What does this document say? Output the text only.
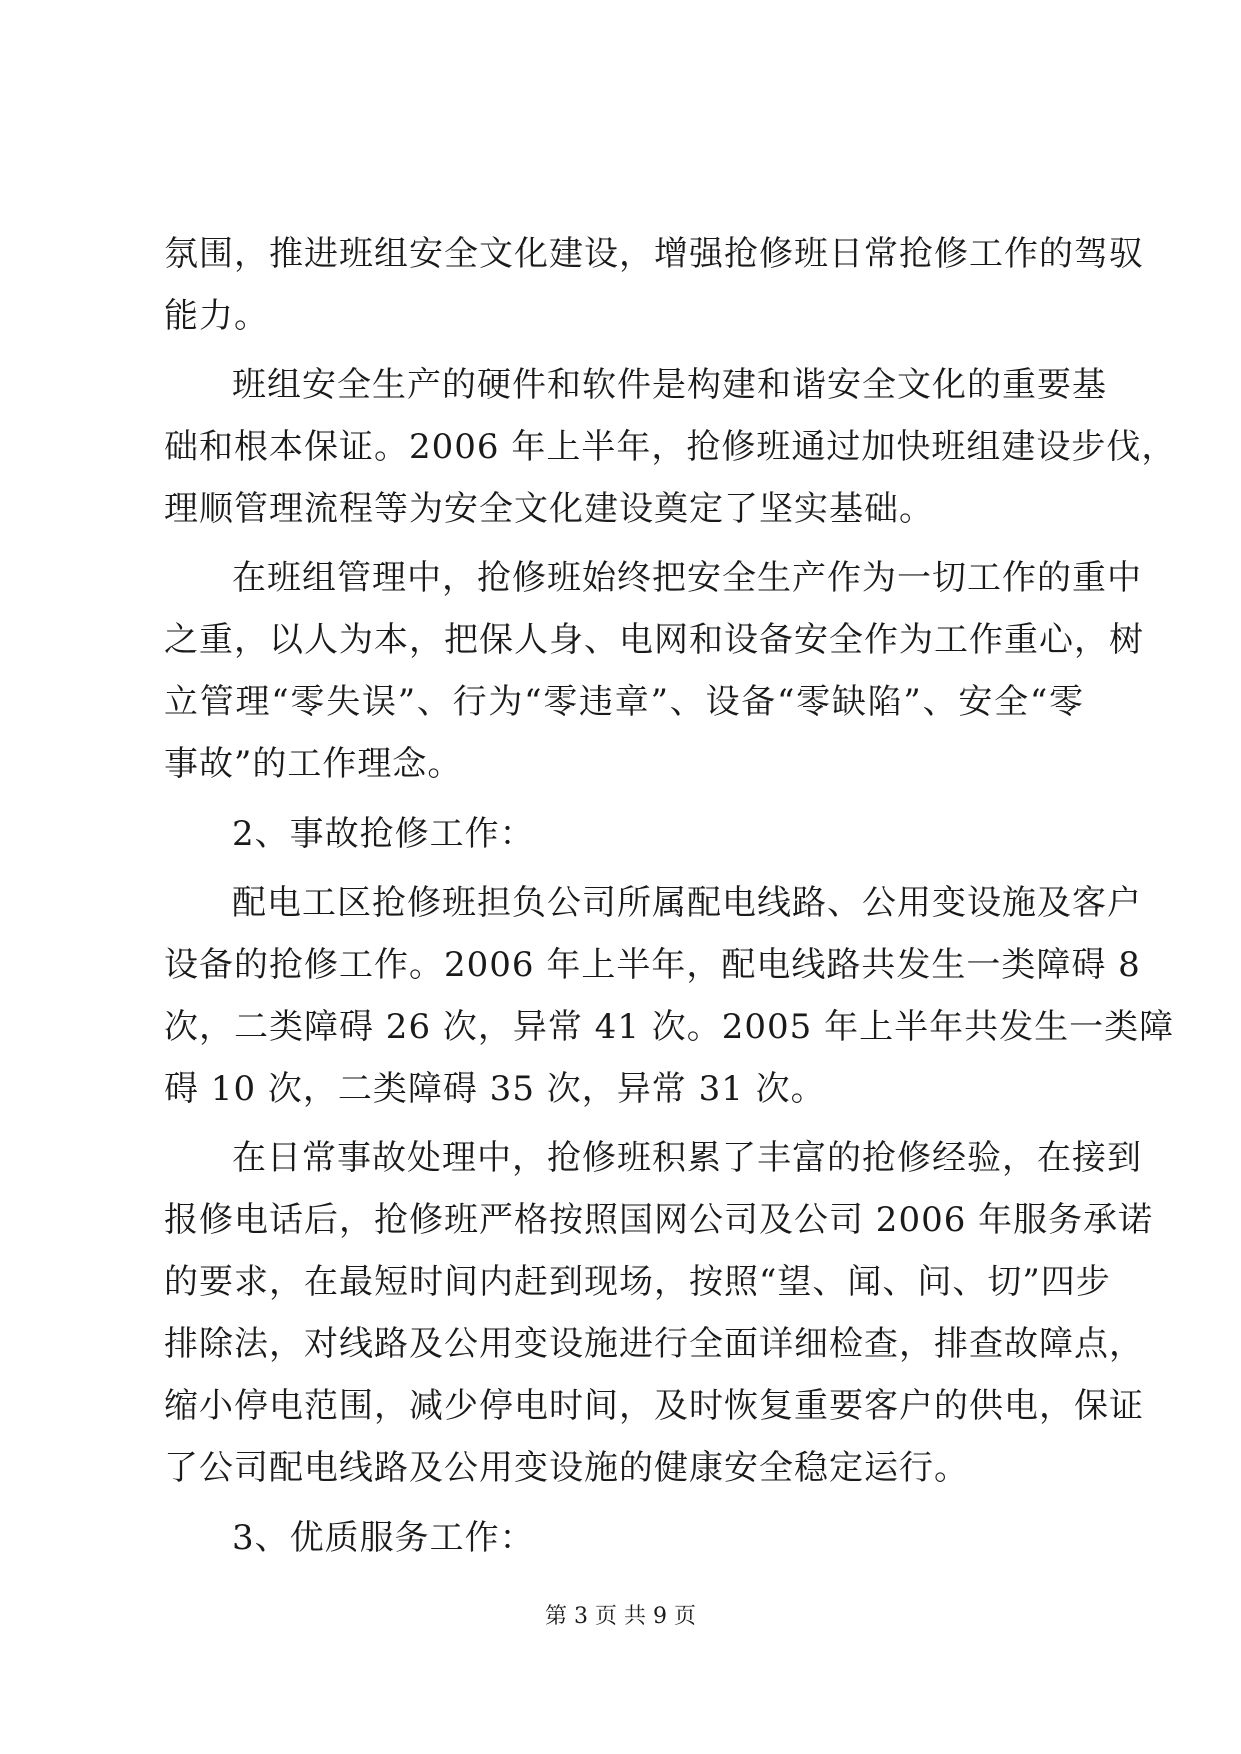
氛围，推进班组安全文化建设，增强抢修班日常抢修工作的驾驭
能力。
班组安全生产的硬件和软件是构建和谐安全文化的重要基
础和根本保证。2006 年上半年，抢修班通过加快班组建设步伐，
理顺管理流程等为安全文化建设奠定了坚实基础。
在班组管理中，抢修班始终把安全生产作为一切工作的重中
之重，以人为本，把保人身、电网和设备安全作为工作重心，树
立管理“零失误”、行为“零违章”、设备“零缺陷”、安全“零
事故”的工作理念。
2、事故抢修工作：
配电工区抢修班担负公司所属配电线路、公用变设施及客户
设备的抢修工作。2006 年上半年，配电线路共发生一类障碍 8
次，二类障碍 26 次，异常 41 次。2005 年上半年共发生一类障
碍 10 次，二类障碍 35 次，异常 31 次。
在日常事故处理中，抢修班积累了丰富的抢修经验，在接到
报修电话后，抢修班严格按照国网公司及公司 2006 年服务承诺
的要求，在最短时间内赶到现场，按照“望、闻、问、切”四步
排除法，对线路及公用变设施进行全面详细检查，排查故障点，
缩小停电范围，减少停电时间，及时恢复重要客户的供电，保证
了公司配电线路及公用变设施的健康安全稳定运行。
3、优质服务工作：
第 3 页 共 9 页
